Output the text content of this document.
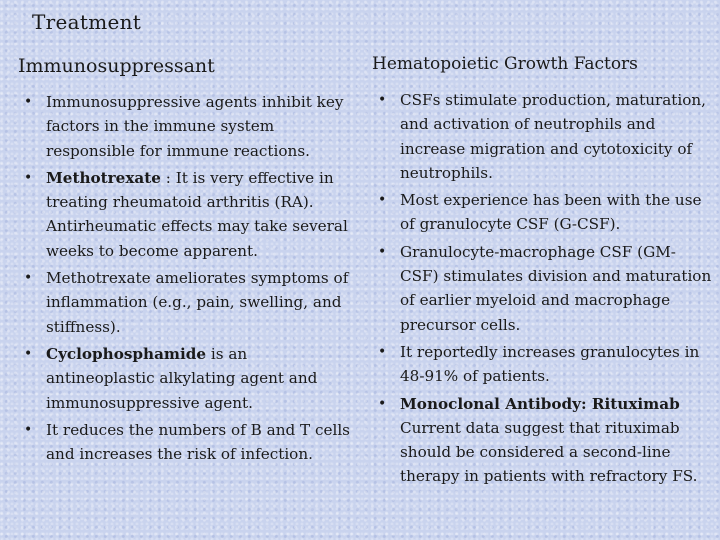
Treatment
Immunosuppressant
• Immunosuppressive agents inhibit key factors in the immune system responsible for immune reactions.
• Methotrexate : It is very effective in treating rheumatoid arthritis (RA). Antirheumatic effects may take several weeks to become apparent.
• Methotrexate ameliorates symptoms of inflammation (e.g., pain, swelling, and stiffness).
• Cyclophosphamide is an antineoplastic alkylating agent and immunosuppressive agent.
• It reduces the numbers of B and T cells and increases the risk of infection.
Hematopoietic Growth Factors
• CSFs stimulate production, maturation, and activation of neutrophils and increase migration and cytotoxicity of neutrophils.
• Most experience has been with the use of granulocyte CSF (G-CSF).
• Granulocyte-macrophage CSF (GM-CSF) stimulates division and maturation of earlier myeloid and macrophage precursor cells.
• It reportedly increases granulocytes in 48-91% of patients.
• Monoclonal Antibody: Rituximab
Current data suggest that rituximab should be considered a second-line therapy in patients with refractory FS.
